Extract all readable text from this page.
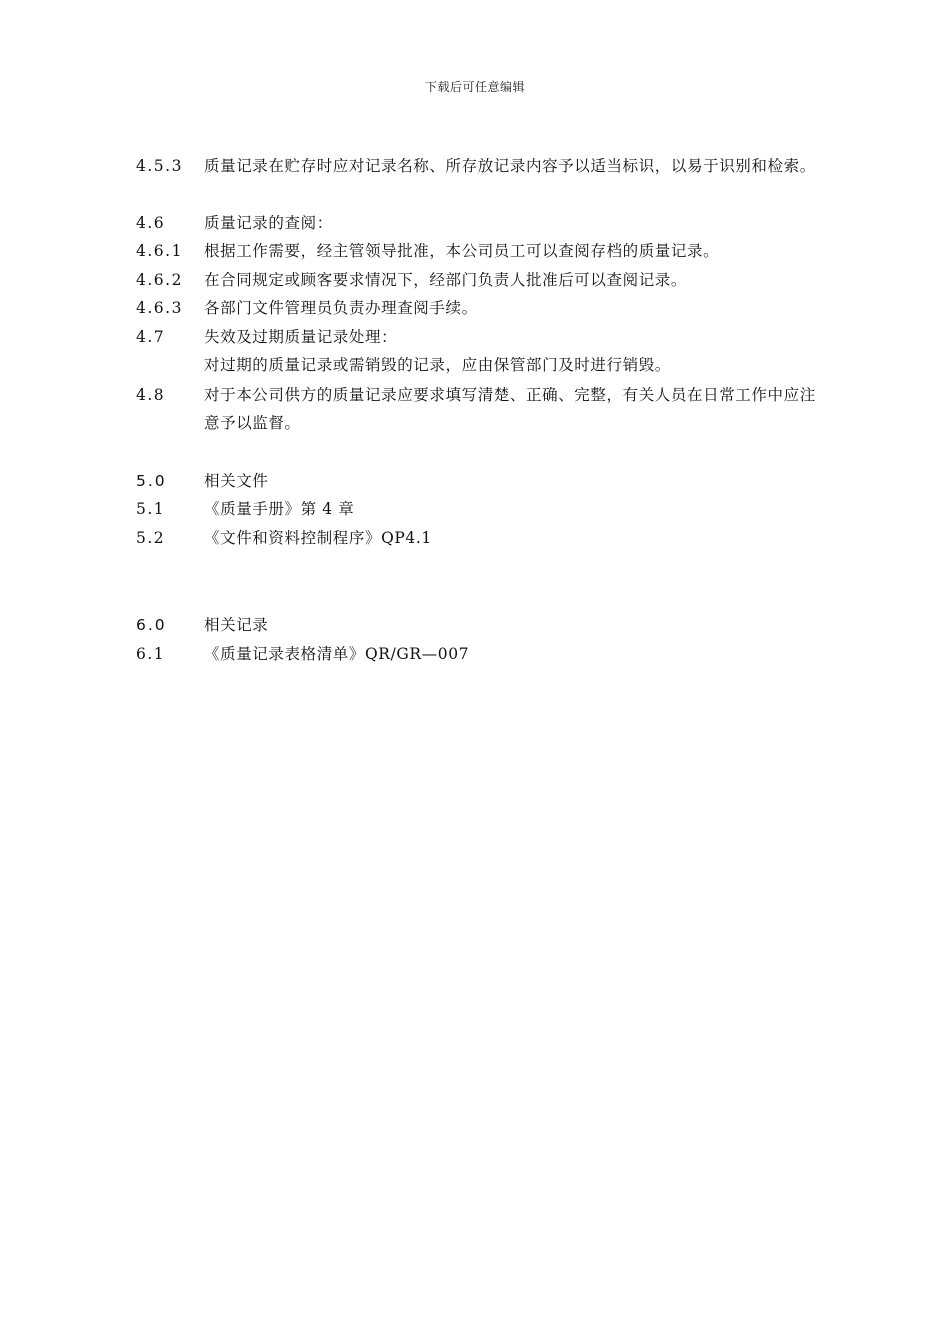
下载后可任意编辑
4.5.3 质量记录在贮存时应对记录名称、所存放记录内容予以适当标识，以易于识别和检索。
4.6	质量记录的查阅：
4.6.1 根据工作需要，经主管领导批准，本公司员工可以查阅存档的质量记录。
4.6.2 在合同规定或顾客要求情况下，经部门负责人批准后可以查阅记录。
4.6.3 各部门文件管理员负责办理查阅手续。
4.7	失效及过期质量记录处理：
对过期的质量记录或需销毁的记录，应由保管部门及时进行销毁。
4.8	对于本公司供方的质量记录应要求填写清楚、正确、完整，有关人员在日常工作中应注
意予以监督。
5.0 相关文件
5.1	《质量手册》第 4 章
5.2	《文件和资料控制程序》QP4.1
6.0 相关记录
6.1	《质量记录表格清单》QR/GR—007
